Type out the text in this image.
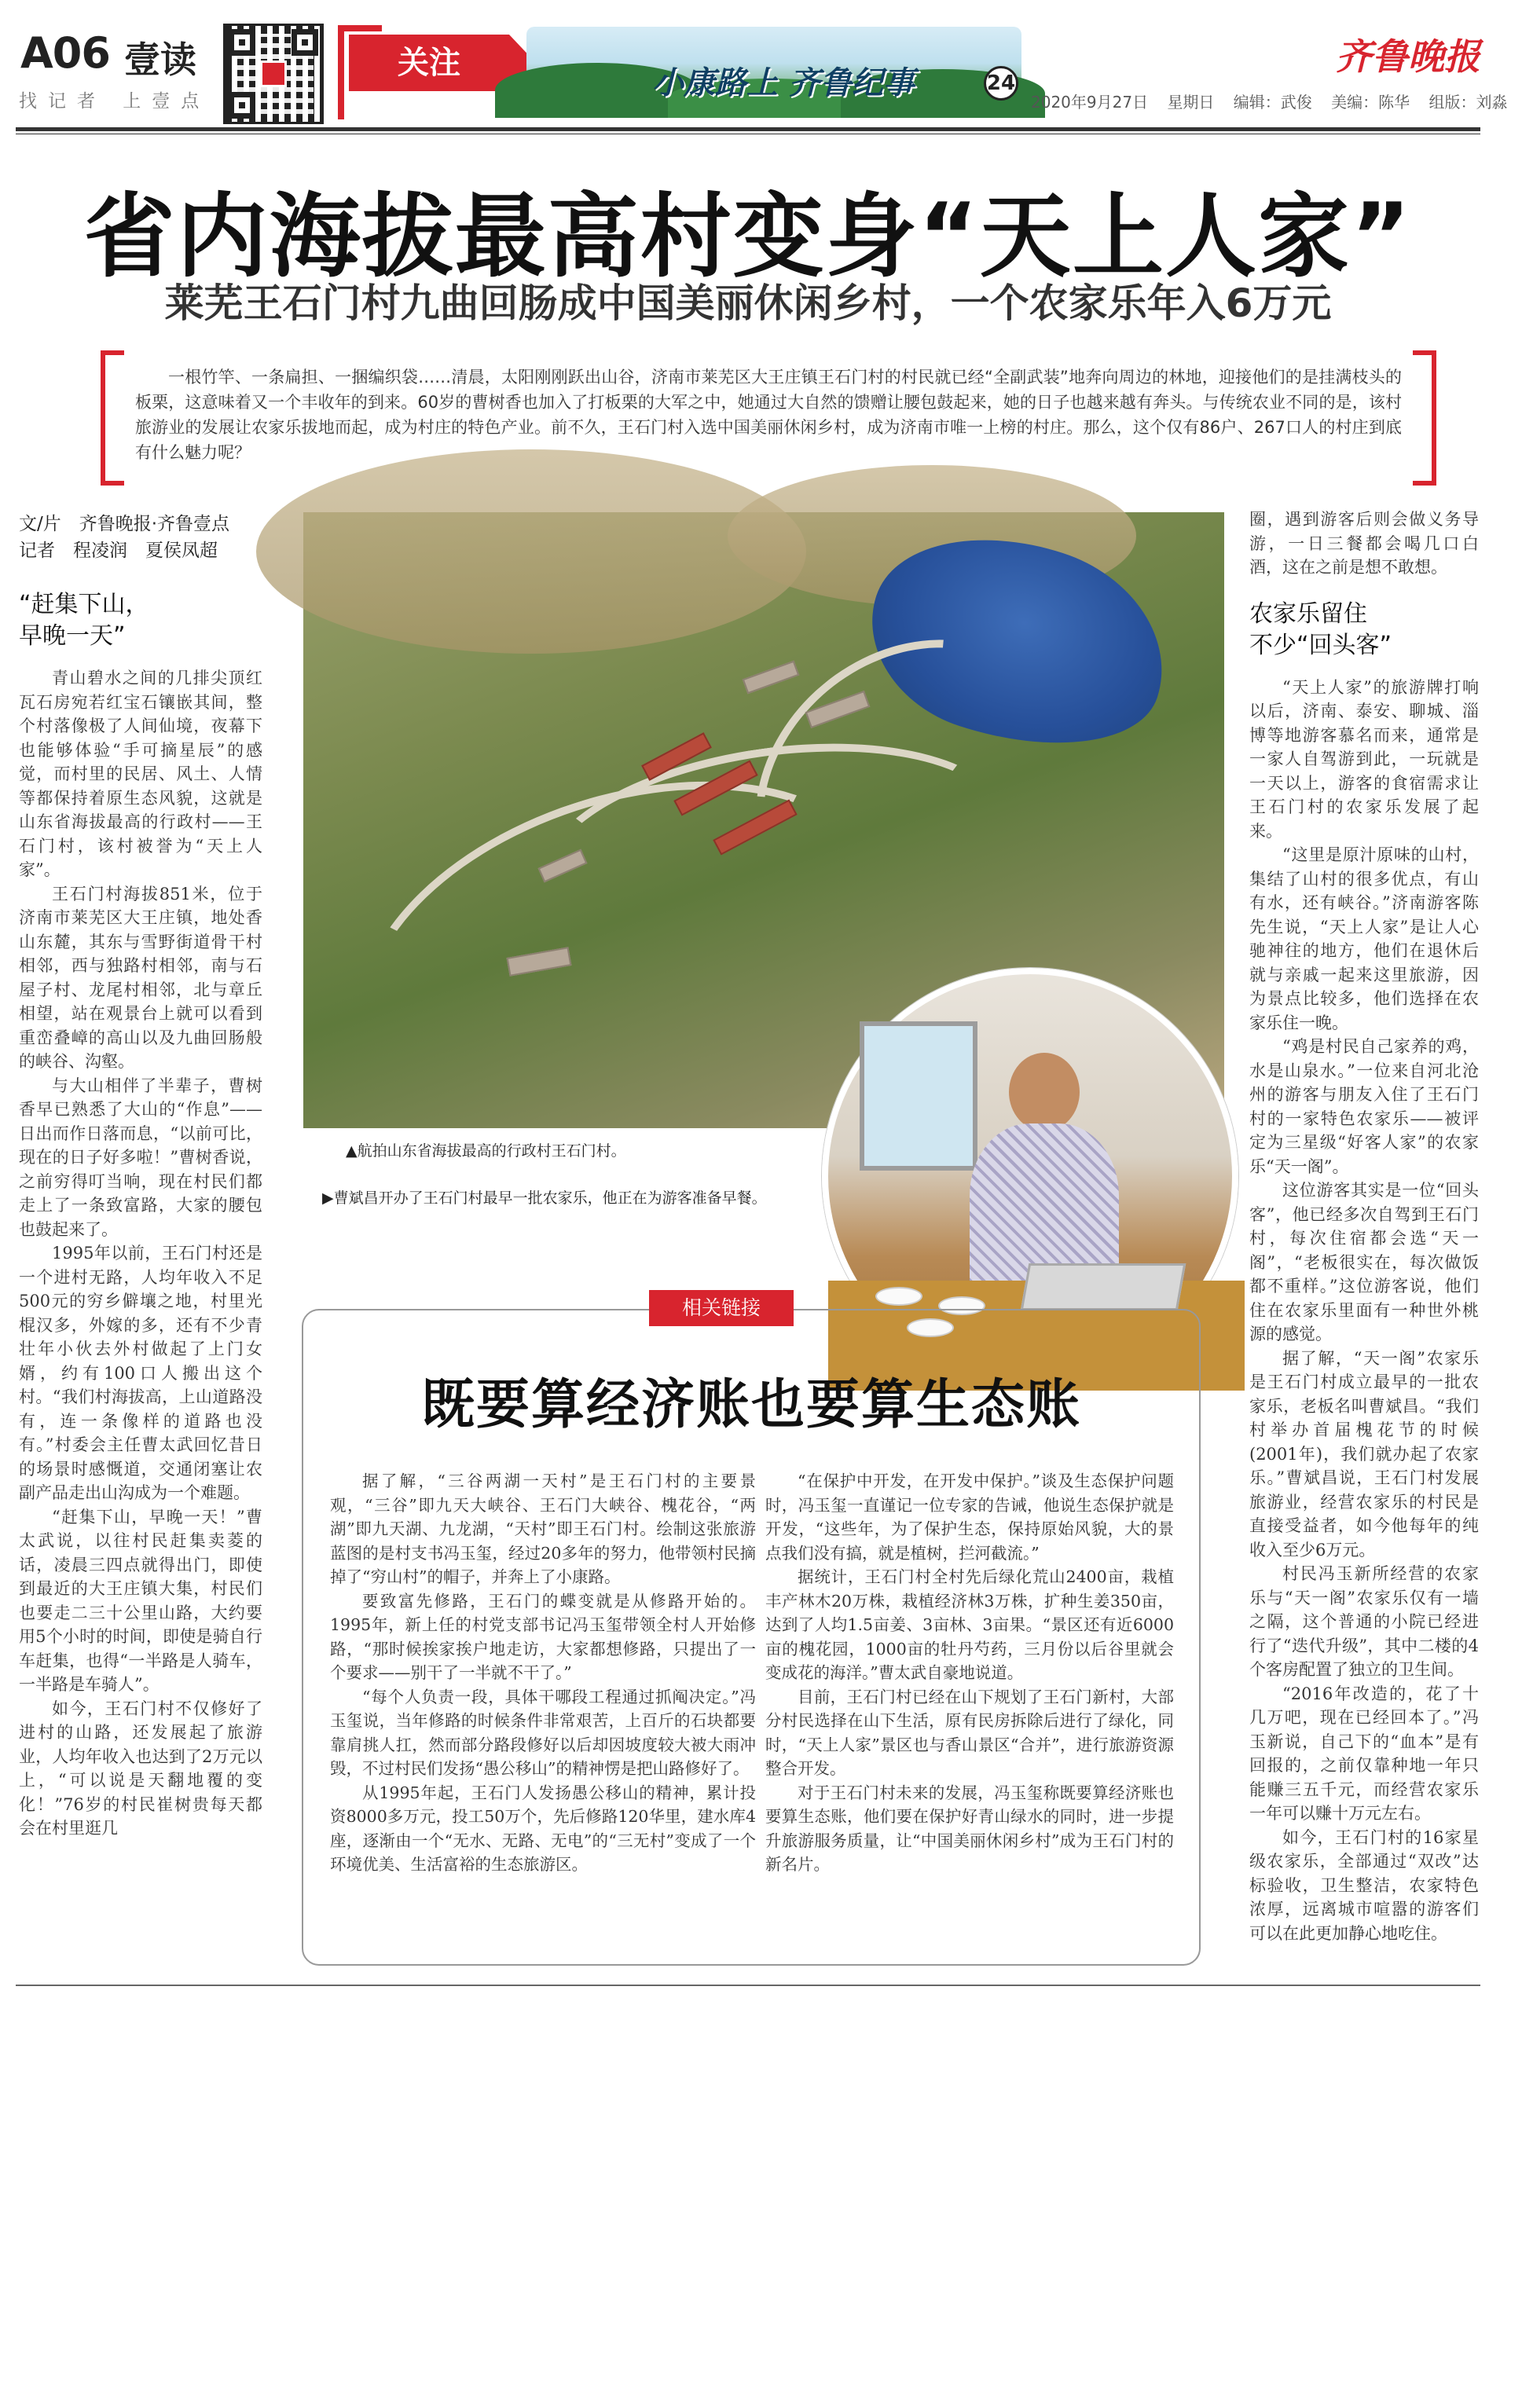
A06 壹读
找记者 上壹点
关注
小康路上 齐鲁纪事	24
齐鲁晚报
2020年9月27日 星期日 编辑：武俊 美编：陈华 组版：刘淼
省内海拔最高村变身“天上人家”
莱芜王石门村九曲回肠成中国美丽休闲乡村，一个农家乐年入6万元

一根竹竿、一条扁担、一捆编织袋……清晨，太阳刚刚跃出山谷，济南市莱芜区大王庄镇王石门村的村民就已经“全副武装”地奔向周边的林地，迎接他们的是挂满枝头的板栗，这意味着又一个丰收年的到来。60岁的曹树香也加入了打板栗的大军之中，她通过大自然的馈赠让腰包鼓起来，她的日子也越来越有奔头。与传统农业不同的是，该村旅游业的发展让农家乐拔地而起，成为村庄的特色产业。前不久，王石门村入选中国美丽休闲乡村，成为济南市唯一上榜的村庄。那么，这个仅有86户、267口人的村庄到底有什么魅力呢？

文/片　齐鲁晚报·齐鲁壹点
记者　程凌润　夏侯凤超
“赶集下山，
早晚一天”

青山碧水之间的几排尖顶红瓦石房宛若红宝石镶嵌其间，整个村落像极了人间仙境，夜幕下也能够体验“手可摘星辰”的感觉，而村里的民居、风土、人情等都保持着原生态风貌，这就是山东省海拔最高的行政村——王石门村，该村被誉为“天上人家”。

王石门村海拔851米，位于济南市莱芜区大王庄镇，地处香山东麓，其东与雪野街道骨干村相邻，西与独路村相邻，南与石屋子村、龙尾村相邻，北与章丘相望，站在观景台上就可以看到重峦叠嶂的高山以及九曲回肠般的峡谷、沟壑。

与大山相伴了半辈子，曹树香早已熟悉了大山的“作息”——日出而作日落而息，“以前可比，现在的日子好多啦！”曹树香说，之前穷得叮当响，现在村民们都走上了一条致富路，大家的腰包也鼓起来了。

1995年以前，王石门村还是一个进村无路，人均年收入不足500元的穷乡僻壤之地，村里光棍汉多，外嫁的多，还有不少青壮年小伙去外村做起了上门女婿，约有100口人搬出这个村。“我们村海拔高，上山道路没有，连一条像样的道路也没有。”村委会主任曹太武回忆昔日的场景时感慨道，交通闭塞让农副产品走出山沟成为一个难题。

“赶集下山，早晚一天！”曹太武说，以往村民赶集卖菱的话，凌晨三四点就得出门，即使到最近的大王庄镇大集，村民们也要走二三十公里山路，大约要用5个小时的时间，即使是骑自行车赶集，也得“一半路是人骑车，一半路是车骑人”。

如今，王石门村不仅修好了进村的山路，还发展起了旅游业，人均年收入也达到了2万元以上，“可以说是天翻地覆的变化！”76岁的村民崔树贵每天都会在村里逛几

▲航拍山东省海拔最高的行政村王石门村。
▶曹斌昌开办了王石门村最早一批农家乐，他正在为游客准备早餐。

圈，遇到游客后则会做义务导游，一日三餐都会喝几口白酒，这在之前是想不敢想。

农家乐留住
不少“回头客”

“天上人家”的旅游牌打响以后，济南、泰安、聊城、淄博等地游客慕名而来，通常是一家人自驾游到此，一玩就是一天以上，游客的食宿需求让王石门村的农家乐发展了起来。

“这里是原汁原味的山村，集结了山村的很多优点，有山有水，还有峡谷。”济南游客陈先生说，“天上人家”是让人心驰神往的地方，他们在退休后就与亲戚一起来这里旅游，因为景点比较多，他们选择在农家乐住一晚。

“鸡是村民自己家养的鸡，水是山泉水。”一位来自河北沧州的游客与朋友入住了王石门村的一家特色农家乐——被评定为三星级“好客人家”的农家乐“天一阁”。

这位游客其实是一位“回头客”，他已经多次自驾到王石门村，每次住宿都会选“天一阁”，“老板很实在，每次做饭都不重样。”这位游客说，他们住在农家乐里面有一种世外桃源的感觉。

据了解，“天一阁”农家乐是王石门村成立最早的一批农家乐，老板名叫曹斌昌。“我们村举办首届槐花节的时候(2001年)，我们就办起了农家乐。”曹斌昌说，王石门村发展旅游业，经营农家乐的村民是直接受益者，如今他每年的纯收入至少6万元。

村民冯玉新所经营的农家乐与“天一阁”农家乐仅有一墙之隔，这个普通的小院已经进行了“迭代升级”，其中二楼的4个客房配置了独立的卫生间。

“2016年改造的，花了十几万吧，现在已经回本了。”冯玉新说，自己下的“血本”是有回报的，之前仅靠种地一年只能赚三五千元，而经营农家乐一年可以赚十万元左右。

如今，王石门村的16家星级农家乐，全部通过“双改”达标验收，卫生整洁，农家特色浓厚，远离城市喧嚣的游客们可以在此更加静心地吃住。

相关链接
既要算经济账也要算生态账

据了解，“三谷两湖一天村”是王石门村的主要景观，“三谷”即九天大峡谷、王石门大峡谷、槐花谷，“两湖”即九天湖、九龙湖，“天村”即王石门村。绘制这张旅游蓝图的是村支书冯玉玺，经过20多年的努力，他带领村民摘掉了“穷山村”的帽子，并奔上了小康路。

要致富先修路，王石门的蝶变就是从修路开始的。1995年，新上任的村党支部书记冯玉玺带领全村人开始修路，“那时候挨家挨户地走访，大家都想修路，只提出了一个要求——别干了一半就不干了。”

“每个人负责一段，具体干哪段工程通过抓阄决定。”冯玉玺说，当年修路的时候条件非常艰苦，上百斤的石块都要靠肩挑人扛，然而部分路段修好以后却因坡度较大被大雨冲毁，不过村民们发扬“愚公移山”的精神愣是把山路修好了。

从1995年起，王石门人发扬愚公移山的精神，累计投资8000多万元，投工50万个，先后修路120华里，建水库4座，逐渐由一个“无水、无路、无电”的“三无村”变成了一个环境优美、生活富裕的生态旅游区。

“在保护中开发，在开发中保护。”谈及生态保护问题时，冯玉玺一直谨记一位专家的告诫，他说生态保护就是开发，“这些年，为了保护生态，保持原始风貌，大的景点我们没有搞，就是植树，拦河截流。”

据统计，王石门村全村先后绿化荒山2400亩，栽植丰产林木20万株，栽植经济林3万株，扩种生姜350亩，达到了人均1.5亩姜、3亩林、3亩果。“景区还有近6000亩的槐花园，1000亩的牡丹芍药，三月份以后谷里就会变成花的海洋。”曹太武自豪地说道。

目前，王石门村已经在山下规划了王石门新村，大部分村民选择在山下生活，原有民房拆除后进行了绿化，同时，“天上人家”景区也与香山景区“合并”，进行旅游资源整合开发。

对于王石门村未来的发展，冯玉玺称既要算经济账也要算生态账，他们要在保护好青山绿水的同时，进一步提升旅游服务质量，让“中国美丽休闲乡村”成为王石门村的新名片。
